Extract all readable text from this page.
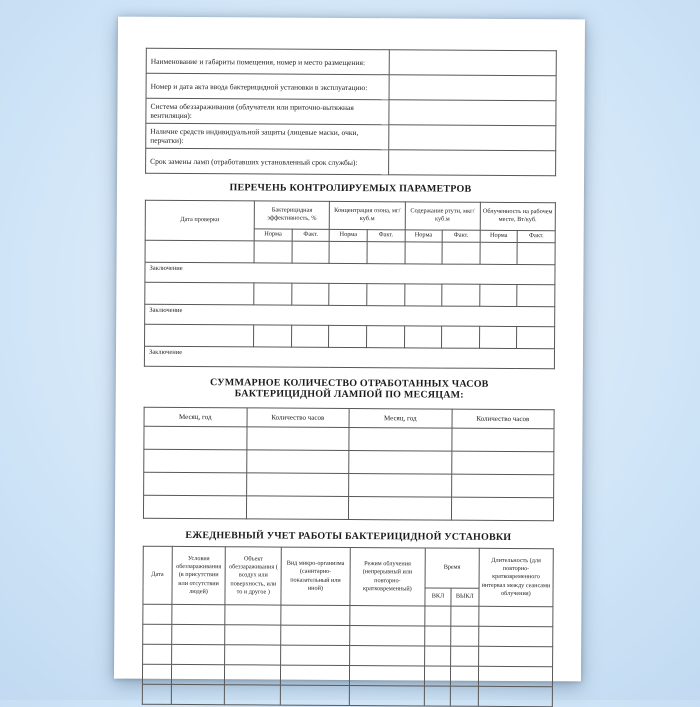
Наименование и габариты помещения, номер и место размещения:	
Номер и дата акта ввода бактерицидной установки в эксплуатацию:	
Система обеззараживания (облучатели или приточно-вытяжная вентиляция):	
Наличие средств индивидуальной защиты (лицевые маски, очки, перчатки):	
Срок замены ламп (отработавших установленный срок службы):	
ПЕРЕЧЕНЬ КОНТРОЛИРУЕМЫХ ПАРАМЕТРОВ
Дата проверки	Бактерицидная эффективность, %		Концентрация озона, мг/ куб.м		Содержание ртути, мкг/ куб.м		Облученность на рабочем месте, Вт/куб.	
	Норма	Факт.	Норма	Факт.	Норма	Факт.	Норма	Факт.

Заключение								

Заключение								

Заключение								
СУММАРНОЕ КОЛИЧЕСТВО ОТРАБОТАННЫХ ЧАСОВ
БАКТЕРИЦИДНОЙ ЛАМПОЙ ПО МЕСЯЦАМ:
Месяц, год	Количество часов	Месяц, год	Количество часов

ЕЖЕДНЕВНЫЙ УЧЕТ РАБОТЫ БАКТЕРИЦИДНОЙ УСТАНОВКИ
Дата	Условия обеззараживания (в присутствии или отсутствии людей)	Объект обеззараживания ( воздух или поверхность, или то и другое )	Вид микро-организма (санитарно-показательный или иной)	Режим облучения (непрерывный или повторно-кратковременный)	Время		Длительность (для повторно-кратковременного интервал между сеансами облучения)
					ВКЛ	ВЫКЛ	
